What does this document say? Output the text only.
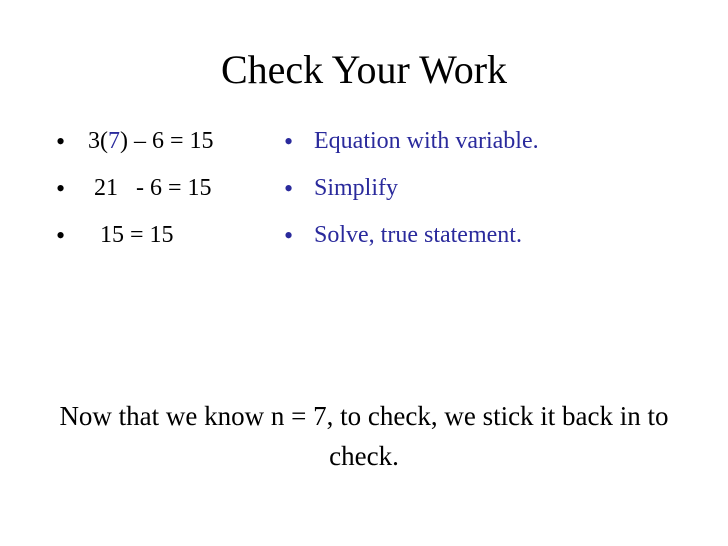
Check Your Work

•

3(7) – 6 = 15

•

21   - 6 = 15

•

15 = 15

•

Equation with variable.

•

Simplify

•

Solve, true statement.

Now that we know n = 7, to check, we stick it back in to check.
